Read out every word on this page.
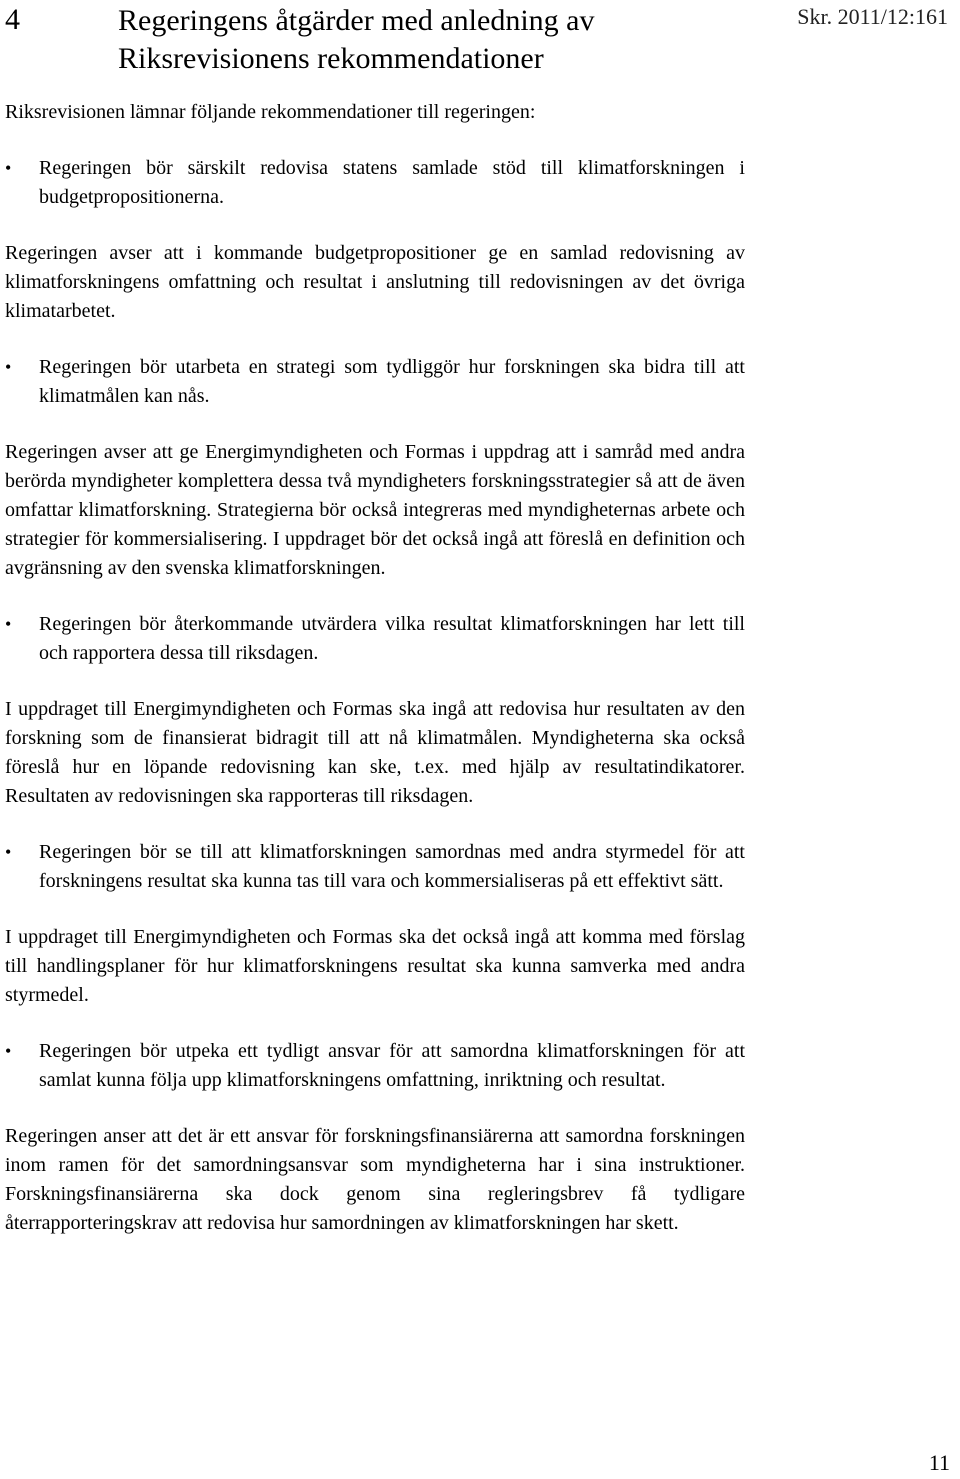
4	Regeringens åtgärder med anledning av Riksrevisionens rekommendationer
Skr. 2011/12:161

Riksrevisionen lämnar följande rekommendationer till regeringen:

• Regeringen bör särskilt redovisa statens samlade stöd till klimatforskningen i budgetpropositionerna.

Regeringen avser att i kommande budgetpropositioner ge en samlad redovisning av klimatforskningens omfattning och resultat i anslutning till redovisningen av det övriga klimatarbetet.

• Regeringen bör utarbeta en strategi som tydliggör hur forskningen ska bidra till att klimatmålen kan nås.

Regeringen avser att ge Energimyndigheten och Formas i uppdrag att i samråd med andra berörda myndigheter komplettera dessa två myndigheters forskningsstrategier så att de även omfattar klimatforskning. Strategierna bör också integreras med myndigheternas arbete och strategier för kommersialisering. I uppdraget bör det också ingå att föreslå en definition och avgränsning av den svenska klimatforskningen.

• Regeringen bör återkommande utvärdera vilka resultat klimatforskningen har lett till och rapportera dessa till riksdagen.

I uppdraget till Energimyndigheten och Formas ska ingå att redovisa hur resultaten av den forskning som de finansierat bidragit till att nå klimatmålen. Myndigheterna ska också föreslå hur en löpande redovisning kan ske, t.ex. med hjälp av resultatindikatorer. Resultaten av redovisningen ska rapporteras till riksdagen.

• Regeringen bör se till att klimatforskningen samordnas med andra styrmedel för att forskningens resultat ska kunna tas till vara och kommersialiseras på ett effektivt sätt.

I uppdraget till Energimyndigheten och Formas ska det också ingå att komma med förslag till handlingsplaner för hur klimatforskningens resultat ska kunna samverka med andra styrmedel.

• Regeringen bör utpeka ett tydligt ansvar för att samordna klimatforskningen för att samlat kunna följa upp klimatforskningens omfattning, inriktning och resultat.

Regeringen anser att det är ett ansvar för forskningsfinansiärerna att samordna forskningen inom ramen för det samordningsansvar som myndigheterna har i sina instruktioner. Forskningsfinansiärerna ska dock genom sina regleringsbrev få tydligare återrapporteringskrav att redovisa hur samordningen av klimatforskningen har skett.

11
